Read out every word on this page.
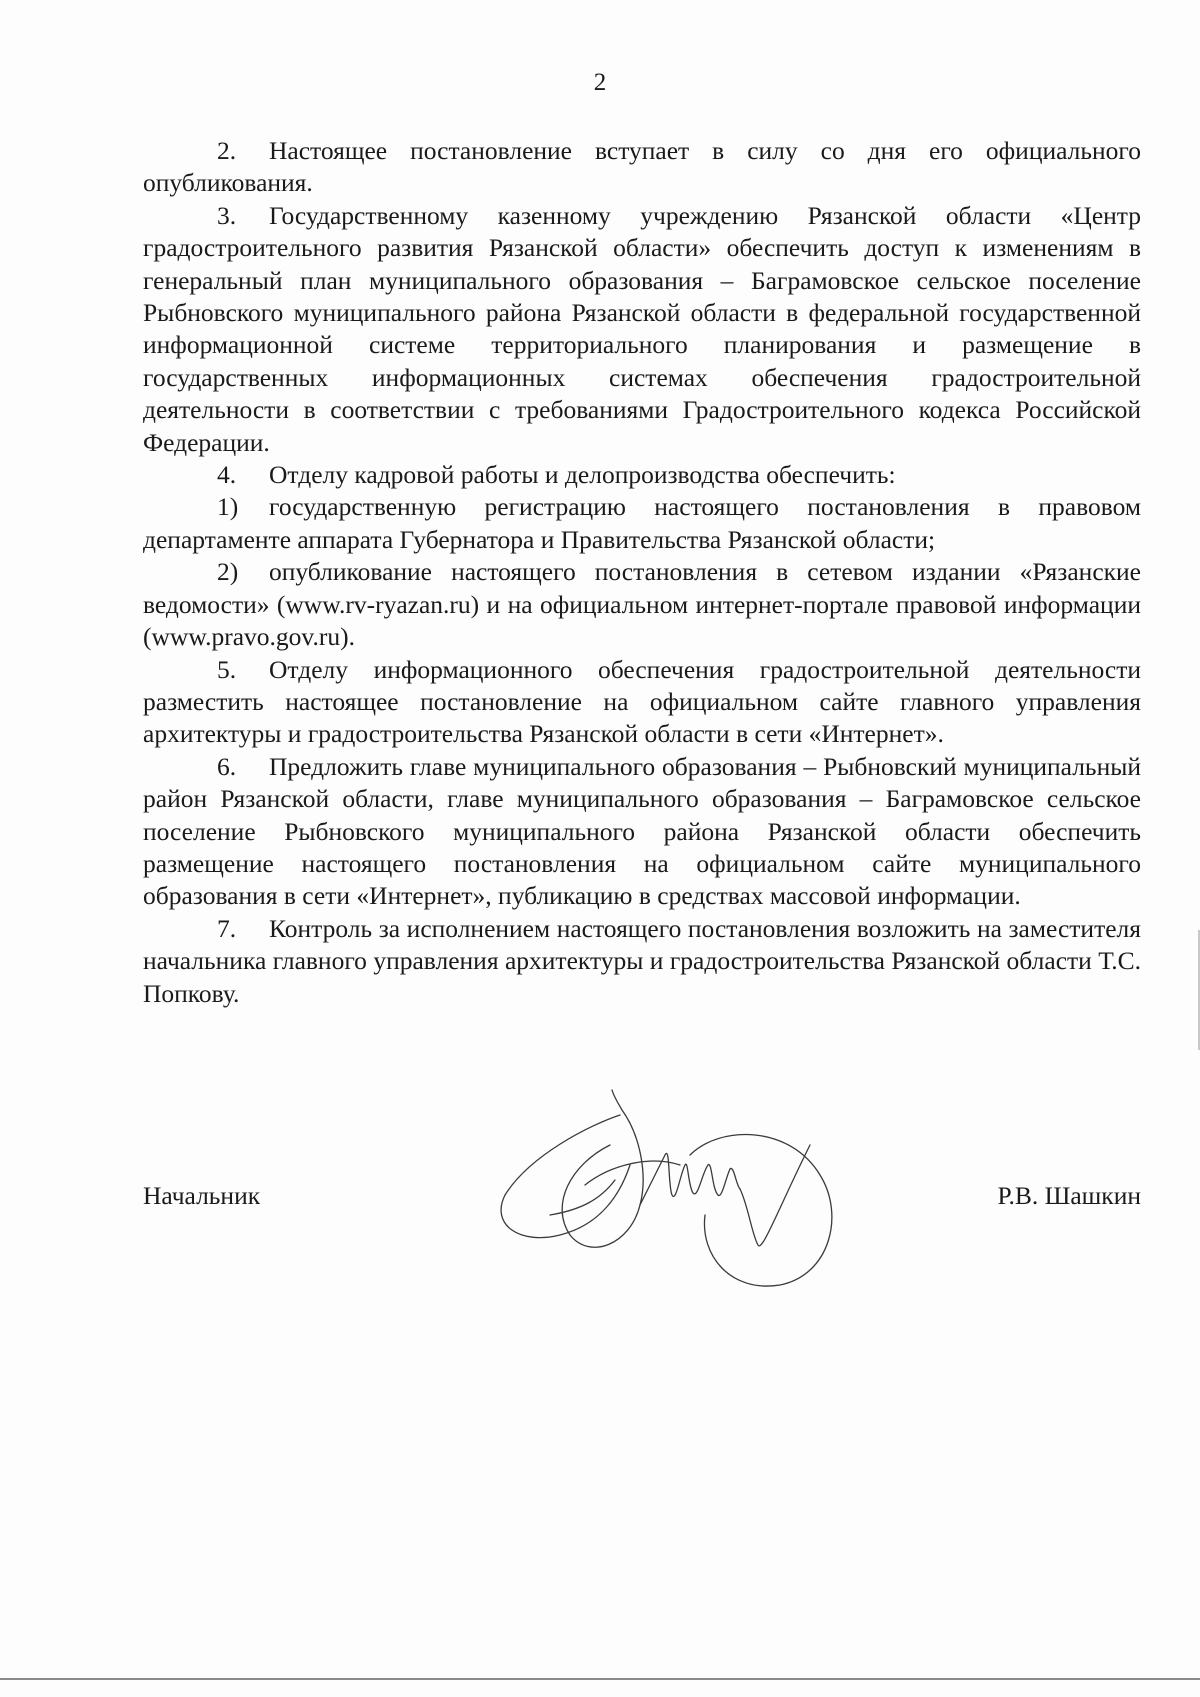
2

2. Настоящее постановление вступает в силу со дня его официального опубликования.

3. Государственному казенному учреждению Рязанской области «Центр градостроительного развития Рязанской области» обеспечить доступ к изменениям в генеральный план муниципального образования – Баграмовское сельское поселение Рыбновского муниципального района Рязанской области в федеральной государственной информационной системе территориального планирования и размещение в государственных информационных системах обеспечения градостроительной деятельности в соответствии с требованиями Градостроительного кодекса Российской Федерации.

4. Отделу кадровой работы и делопроизводства обеспечить:

1) государственную регистрацию настоящего постановления в правовом департаменте аппарата Губернатора и Правительства Рязанской области;

2) опубликование настоящего постановления в сетевом издании «Рязанские ведомости» (www.rv-ryazan.ru) и на официальном интернет-портале правовой информации (www.pravo.gov.ru).

5. Отделу информационного обеспечения градостроительной деятельности разместить настоящее постановление на официальном сайте главного управления архитектуры и градостроительства Рязанской области в сети «Интернет».

6. Предложить главе муниципального образования – Рыбновский муниципальный район Рязанской области, главе муниципального образования – Баграмовское сельское поселение Рыбновского муниципального района Рязанской области обеспечить размещение настоящего постановления на официальном сайте муниципального образования в сети «Интернет», публикацию в средствах массовой информации.

7. Контроль за исполнением настоящего постановления возложить на заместителя начальника главного управления архитектуры и градостроительства Рязанской области Т.С. Попкову.

Начальник	Р.В. Шашкин
